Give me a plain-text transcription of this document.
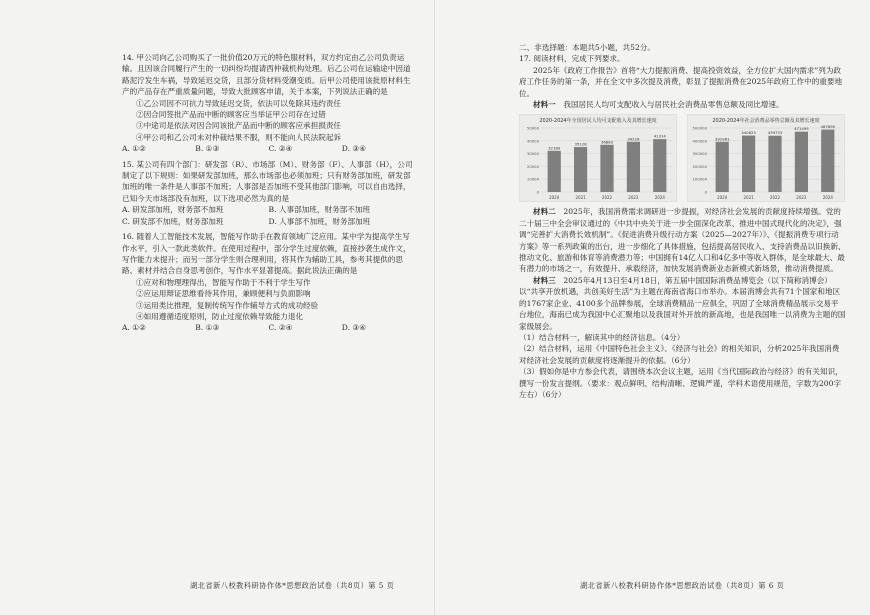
14. 甲公司向乙公司购买了一批价值20万元的特色服材料，双方约定由乙公司负责运输。且因该合同履行产生的一切纠纷均提请西仲裁机构处理。后乙公司在运输途中因道路泥泞发生车祸，导致延迟交货，且部分货材料受潮变质。后甲公司使用该批原材料生产的产品存在严重质量问题，导致大批顾客申请，关于本案，下列说法正确的是

①乙公司因不可抗力导致延迟交货，依法可以免除其违约责任

②因合同签批产品而中断的顾客应当举证甲公司存在过错

③中途司是依法对因合同该批产品而中断的顾客应承担损责任

④甲公司和乙公司未对仲裁结果不服，则不能向人民法院起诉

A. ①②	B. ①③	C. ②④	D. ③④

15. 某公司有四个部门：研发部（R）、市场部（M）、财务部（F）、人事部（H），公司制定了以下规则：如果研发部加班，那么市场部也必须加班；只有财务部加班，研发部加班的唯一条件是人事部不加班；人事部是否加班不受其他部门影响，可以自由选择，已知今天市场部没有加班，以下选项必然为真的是

A. 研发部加班，财务部不加班	B. 人事部加班，财务部不加班
C. 研发部不加班，财务部加班	D. 人事部不加班，财务部加班

16. 随着人工智能技术发展，智能写作助手在教育领域广泛应用。某中学为提高学生写作水平，引入一款此类软件。在使用过程中，部分学生过度依赖，直接抄袭生成作文，写作能力未提升；而另一部分学生则合理利用，将其作为辅助工具，参考其提供的思路、素材并结合自身思考创作，写作水平显著提高。据此说法正确的是

①应对和物理理得出，智能写作助于不利于学生写作

②应运用辩证思维看待其作用，兼顾便利与负面影响

③运用类比推理，复制传统写作作辅导方式的成功经验

④如用遵循适度原则，防止过度依赖导致能力退化

A. ①②	B. ①③	C. ②④	D. ③④
湖北省新八校教科研协作体*思想政治试卷（共8页）第 5 页

二、非选择题：本题共5小题，共52分。

17. 阅读材料，完成下列要求。

2025年《政府工作报告》首将“大力提振消费、提高投资效益，全方位扩大国内需求”列为政府工作任务的第一条，并在全文中多次提及消费，彰显了提振消费在2025年政府工作中的重要地位。

材料一　 我国居民人均可支配收入与居民社会消费品零售总额及同比增速。

2020-2024年全国居民人均可支配收入及其增长速度
0
10000
20000
30000
40000
50000
32189
2020
35128
2021
36883
2022
39218
2023
41314
2024
2020-2024年社会消费品零售总额及其增长速度
0
100000
200000
300000
400000
500000
391981
2020
440823
2021
439733
2022
471495
2023
487895
2024

材料二　 2025年，我国消费需求调研进一步提振，对经济社会发展的贡献度持续增强。党的二十届三中全会审议通过的《中共中央关于进一步全面深化改革、推进中国式现代化的决定》，强调“完善扩大消费长效机制”。《促进消费升级行动方案（2025—2027年）》、《提振消费专项行动方案》等一系列政策的出台，进一步细化了具体措施，包括提高居民收入、支持消费品以旧换新、推动文化、旅游和体育等消费潜力等；中国拥有14亿人口和4亿多中等收入群体，是全球最大、最有潜力的市场之一，有效提升、承载经济，加快发展消费新业态新模式新场景，推动消费提质。

材料三　 2025年4月13日至4月18日，第五届中国国际消费品博览会（以下简称消博会）以“共享开放机遇，共创美好生活”为主题在海南省海口市举办。本届消博会共有71个国家和地区的1767家企业、4100多个品牌参展，全球消费精品一应俱全，巩固了全球消费精品展示交易平台地位，海南已成为我国中心汇聚地以及我国对外开放的新高地，也是我国唯一以消费为主题的国家级展会。

（1）结合材料一，解读其中的经济信息。（4分）

（2）结合材料，运用《中国特色社会主义》、《经济与社会》的相关知识，分析2025年我国消费对经济社会发展的贡献度将逐渐提升的依据。（6分）

（3）假如你是中方参会代表，请围绕本次会议主题，运用《当代国际政治与经济》的有关知识，撰写一份发言提纲。（要求：观点鲜明、结构清晰、逻辑严谨，学科术语使用规范，字数为200字左右）（6分）

湖北省新八校教科研协作体*思想政治试卷（共8页）第 6 页
